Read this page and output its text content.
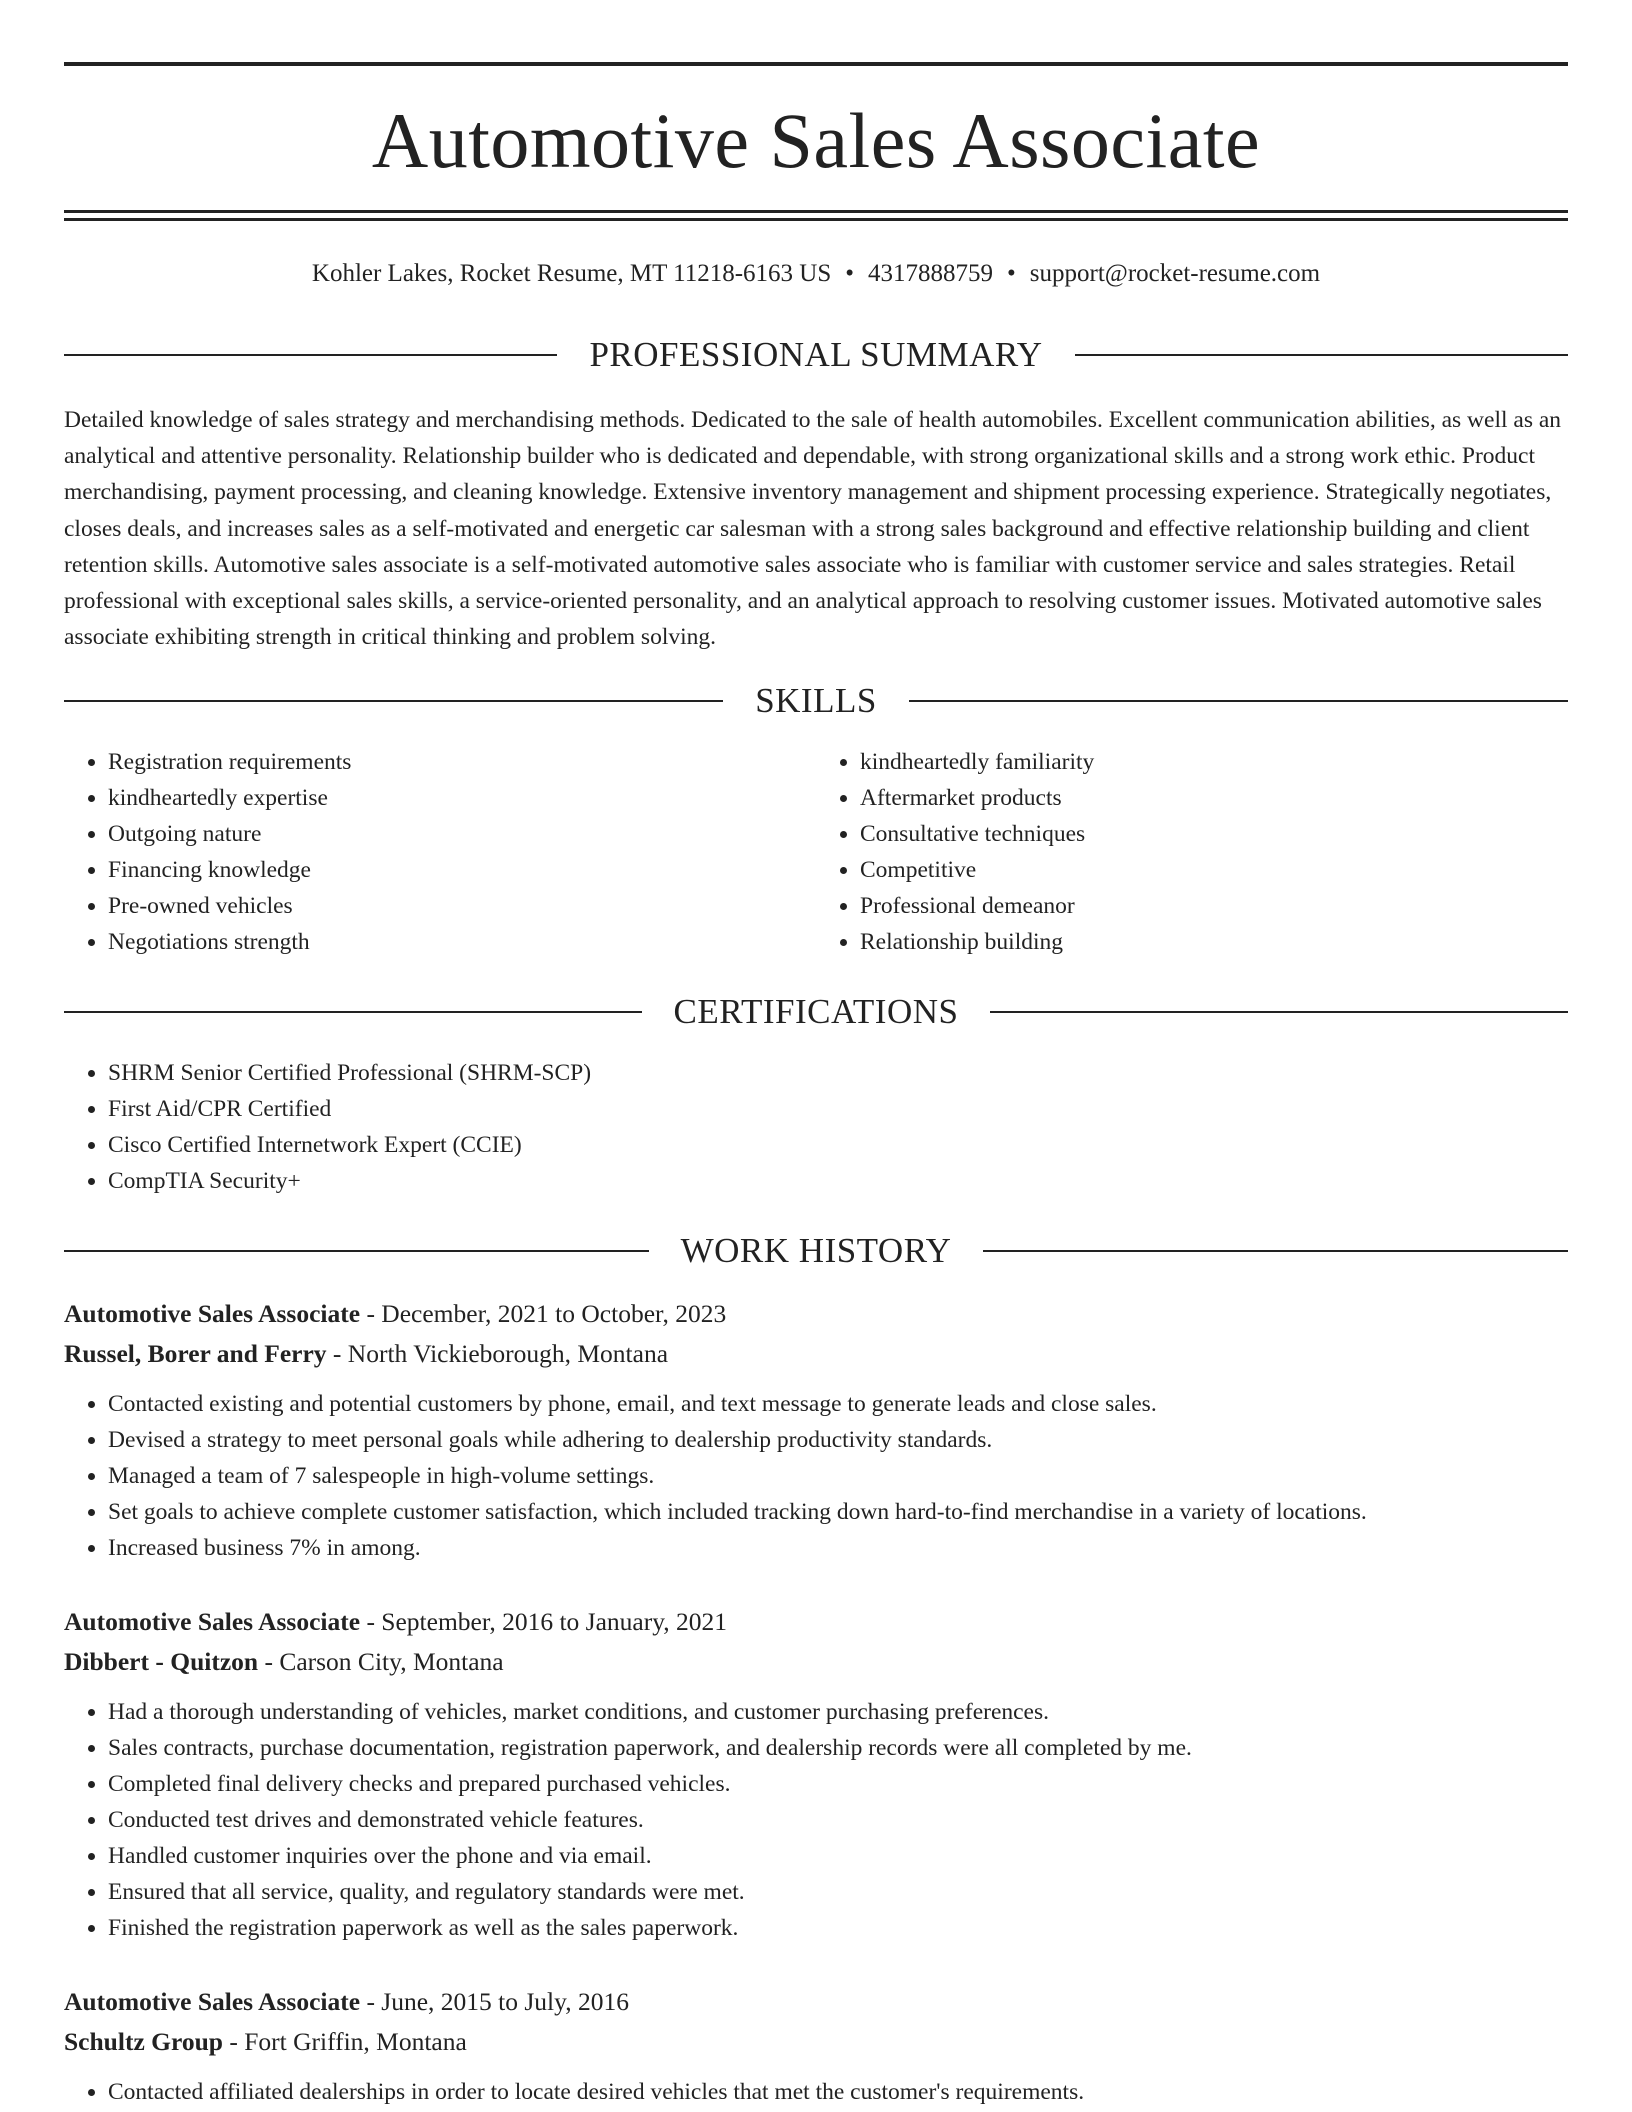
Automotive Sales Associate
Kohler Lakes, Rocket Resume, MT 11218-6163 US • 4317888759 • support@rocket-resume.com
PROFESSIONAL SUMMARY

Detailed knowledge of sales strategy and merchandising methods. Dedicated to the sale of health automobiles. Excellent communication abilities, as well as an analytical and attentive personality. Relationship builder who is dedicated and dependable, with strong organizational skills and a strong work ethic. Product merchandising, payment processing, and cleaning knowledge. Extensive inventory management and shipment processing experience. Strategically negotiates, closes deals, and increases sales as a self-motivated and energetic car salesman with a strong sales background and effective relationship building and client retention skills. Automotive sales associate is a self-motivated automotive sales associate who is familiar with customer service and sales strategies. Retail professional with exceptional sales skills, a service-oriented personality, and an analytical approach to resolving customer issues. Motivated automotive sales associate exhibiting strength in critical thinking and problem solving.

SKILLS
• Registration requirements
• kindheartedly expertise
• Outgoing nature
• Financing knowledge
• Pre-owned vehicles
• Negotiations strength
• kindheartedly familiarity
• Aftermarket products
• Consultative techniques
• Competitive
• Professional demeanor
• Relationship building
CERTIFICATIONS
• SHRM Senior Certified Professional (SHRM-SCP)
• First Aid/CPR Certified
• Cisco Certified Internetwork Expert (CCIE)
• CompTIA Security+
WORK HISTORY
Automotive Sales Associate - December, 2021 to October, 2023
Russel, Borer and Ferry - North Vickieborough, Montana
• Contacted existing and potential customers by phone, email, and text message to generate leads and close sales.
• Devised a strategy to meet personal goals while adhering to dealership productivity standards.
• Managed a team of 7 salespeople in high-volume settings.
• Set goals to achieve complete customer satisfaction, which included tracking down hard-to-find merchandise in a variety of locations.
• Increased business 7% in among.
Automotive Sales Associate - September, 2016 to January, 2021
Dibbert - Quitzon - Carson City, Montana
• Had a thorough understanding of vehicles, market conditions, and customer purchasing preferences.
• Sales contracts, purchase documentation, registration paperwork, and dealership records were all completed by me.
• Completed final delivery checks and prepared purchased vehicles.
• Conducted test drives and demonstrated vehicle features.
• Handled customer inquiries over the phone and via email.
• Ensured that all service, quality, and regulatory standards were met.
• Finished the registration paperwork as well as the sales paperwork.
Automotive Sales Associate - June, 2015 to July, 2016
Schultz Group - Fort Griffin, Montana
• Contacted affiliated dealerships in order to locate desired vehicles that met the customer's requirements.
